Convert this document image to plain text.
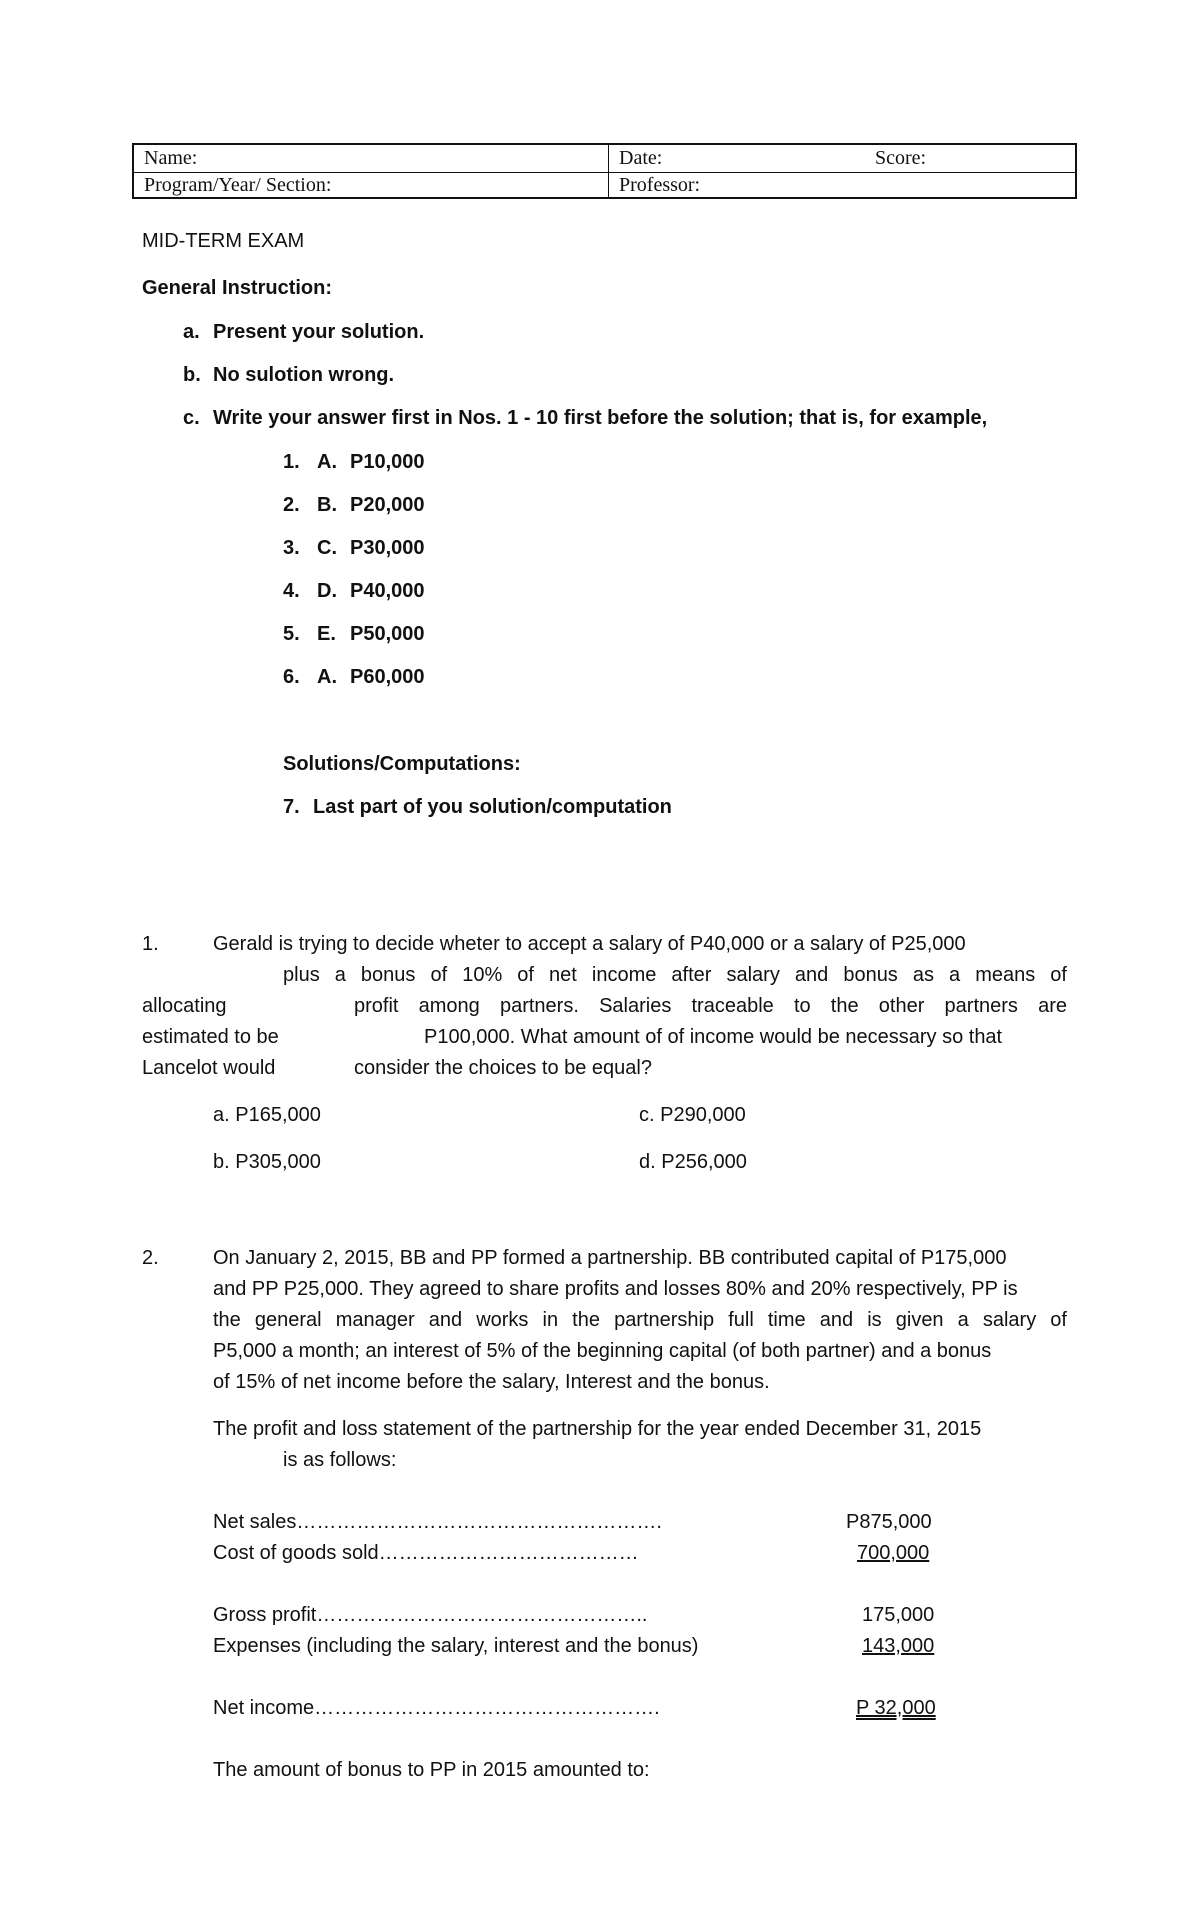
Name:	Date:	Score:
Program/Year/ Section:	Professor:
MID-TERM EXAM
General Instruction:
a. Present your solution.
b. No sulotion wrong.
c. Write your answer first in Nos. 1 - 10 first before the solution; that is, for example,
1. A. P10,000
2. B. P20,000
3. C. P30,000
4. D. P40,000
5. E. P50,000
6. A. P60,000
Solutions/Computations:
7. Last part of you solution/computation
1.	Gerald is trying to decide wheter to accept a salary of P40,000 or a salary of P25,000
plus a bonus of 10% of net income after salary and bonus as a means of
allocating	profit among partners. Salaries traceable to the other partners are
estimated to be	P100,000. What amount of of income would be necessary so that
Lancelot would	consider the choices to be equal?
a. P165,000	c. P290,000
b. P305,000	d. P256,000
2.	On January 2, 2015, BB and PP formed a partnership. BB contributed capital of P175,000
and PP P25,000. They agreed to share profits and losses 80% and 20% respectively, PP is
the general manager and works in the partnership full time and is given a salary of
P5,000 a month; an interest of 5% of the beginning capital (of both partner) and a bonus
of 15% of net income before the salary, Interest and the bonus.
The profit and loss statement of the partnership for the year ended December 31, 2015
is as follows:
Net sales……………………………………………….	P875,000
Cost of goods sold…………………………………	700,000
Gross profit…………………………………………..	175,000
Expenses (including the salary, interest and the bonus)	143,000
Net income…………………………………………….	P 32,000
The amount of bonus to PP in 2015 amounted to:
